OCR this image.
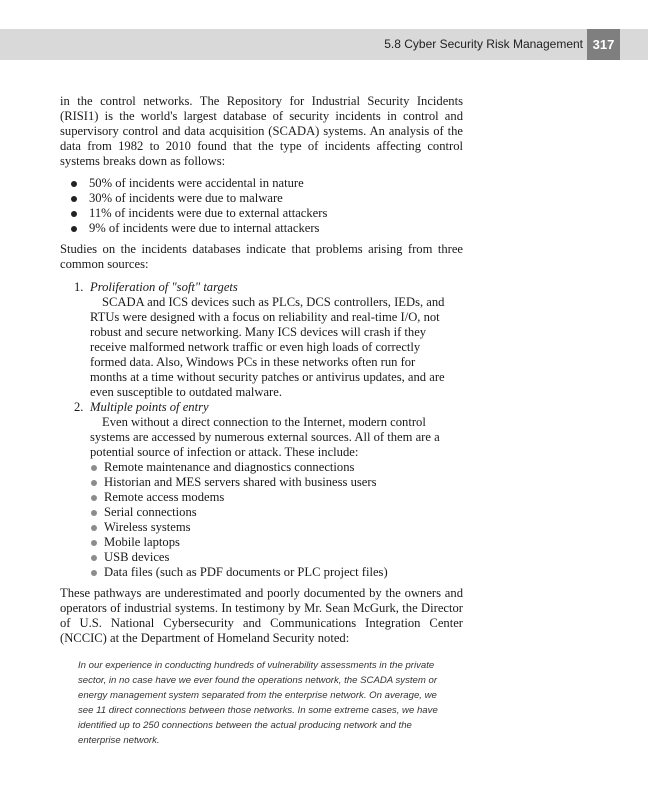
5.8 Cyber Security Risk Management 317

in the control networks. The Repository for Industrial Security Incidents (RISI1) is the world's largest database of security incidents in control and supervisory control and data acquisition (SCADA) systems. An analysis of the data from 1982 to 2010 found that the type of incidents affecting control systems breaks down as follows:

50% of incidents were accidental in nature
30% of incidents were due to malware
11% of incidents were due to external attackers
9% of incidents were due to internal attackers

Studies on the incidents databases indicate that problems arising from three common sources:

1. Proliferation of "soft" targets
SCADA and ICS devices such as PLCs, DCS controllers, IEDs, and RTUs were designed with a focus on reliability and real-time I/O, not robust and secure networking. Many ICS devices will crash if they receive malformed network traffic or even high loads of correctly formed data. Also, Windows PCs in these networks often run for months at a time without security patches or antivirus updates, and are even susceptible to outdated malware.
2. Multiple points of entry
Even without a direct connection to the Internet, modern control systems are accessed by numerous external sources. All of them are a potential source of infection or attack. These include:
Remote maintenance and diagnostics connections
Historian and MES servers shared with business users
Remote access modems
Serial connections
Wireless systems
Mobile laptops
USB devices
Data files (such as PDF documents or PLC project files)

These pathways are underestimated and poorly documented by the owners and operators of industrial systems. In testimony by Mr. Sean McGurk, the Director of U.S. National Cybersecurity and Communications Integration Center (NCCIC) at the Department of Homeland Security noted:

In our experience in conducting hundreds of vulnerability assessments in the private sector, in no case have we ever found the operations network, the SCADA system or energy management system separated from the enterprise network. On average, we see 11 direct connections between those networks. In some extreme cases, we have identified up to 250 connections between the actual producing network and the enterprise network.
